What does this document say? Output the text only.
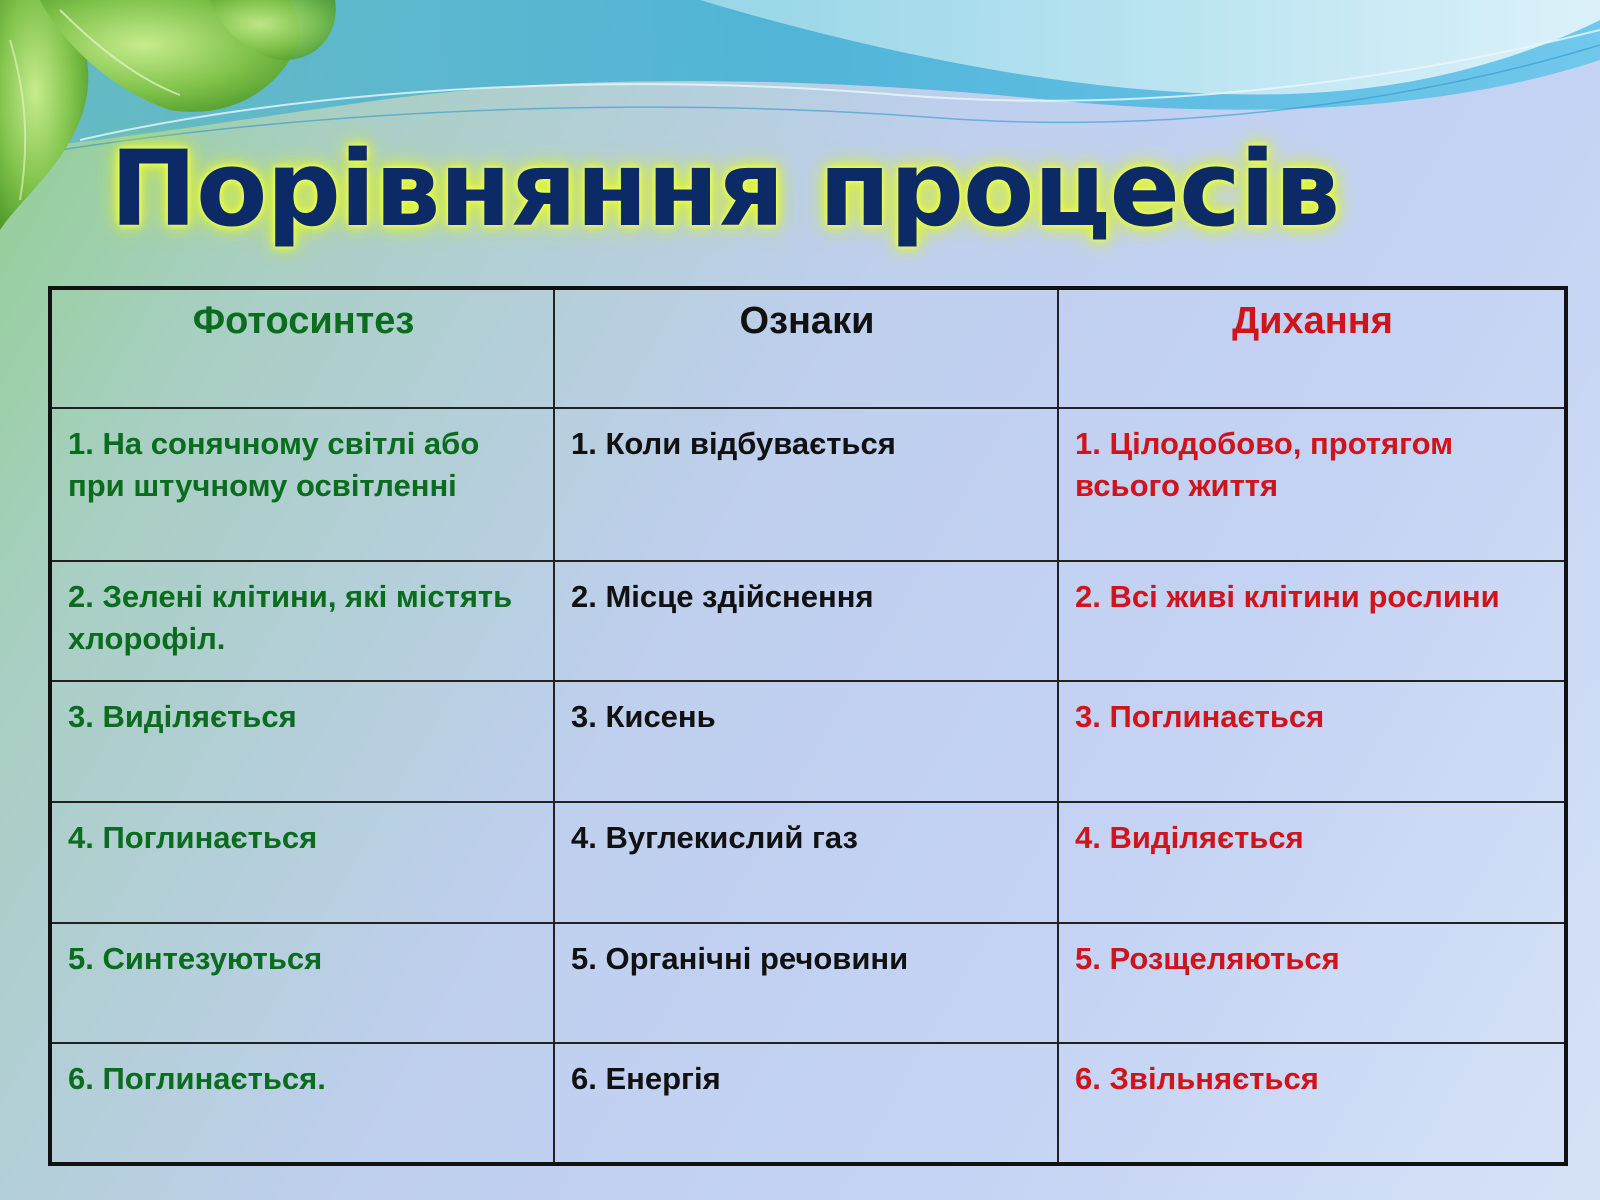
Порівняння процесів
Фотосинтез	Ознаки	Дихання
1. На сонячному світлі або при штучному освітленні	1. Коли відбувається	1. Цілодобово, протягом всього життя
2. Зелені клітини, які містять хлорофіл.	2. Місце здійснення	2. Всі живі клітини рослини
3. Виділяється	3. Кисень	3. Поглинається
4. Поглинається	4. Вуглекислий газ	4. Виділяється
5. Синтезуються	5. Органічні речовини	5. Розщеляються
6. Поглинається.	6. Енергія	6. Звільняється
